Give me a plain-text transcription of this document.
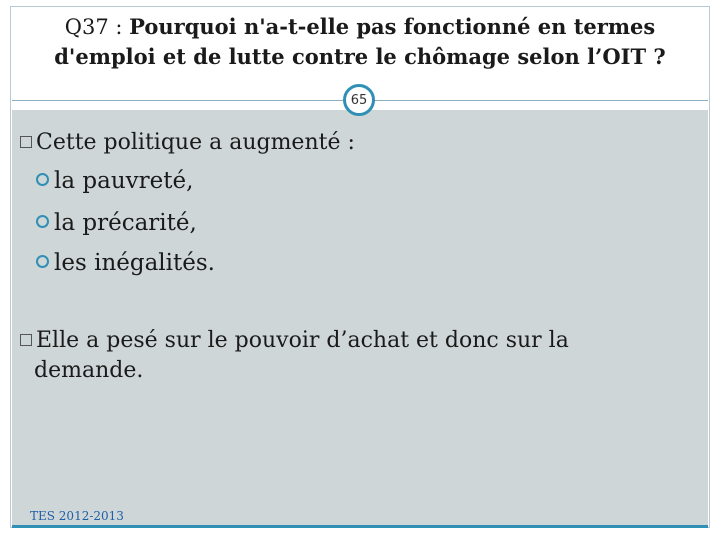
Q37 : Pourquoi n'a-t-elle pas fonctionné en termes d'emploi et de lutte contre le chômage selon l’OIT ?
65
Cette politique a augmenté :
la pauvreté,
la précarité,
les inégalités.
Elle a pesé sur le pouvoir d’achat et donc sur la
demande.
TES 2012-2013
